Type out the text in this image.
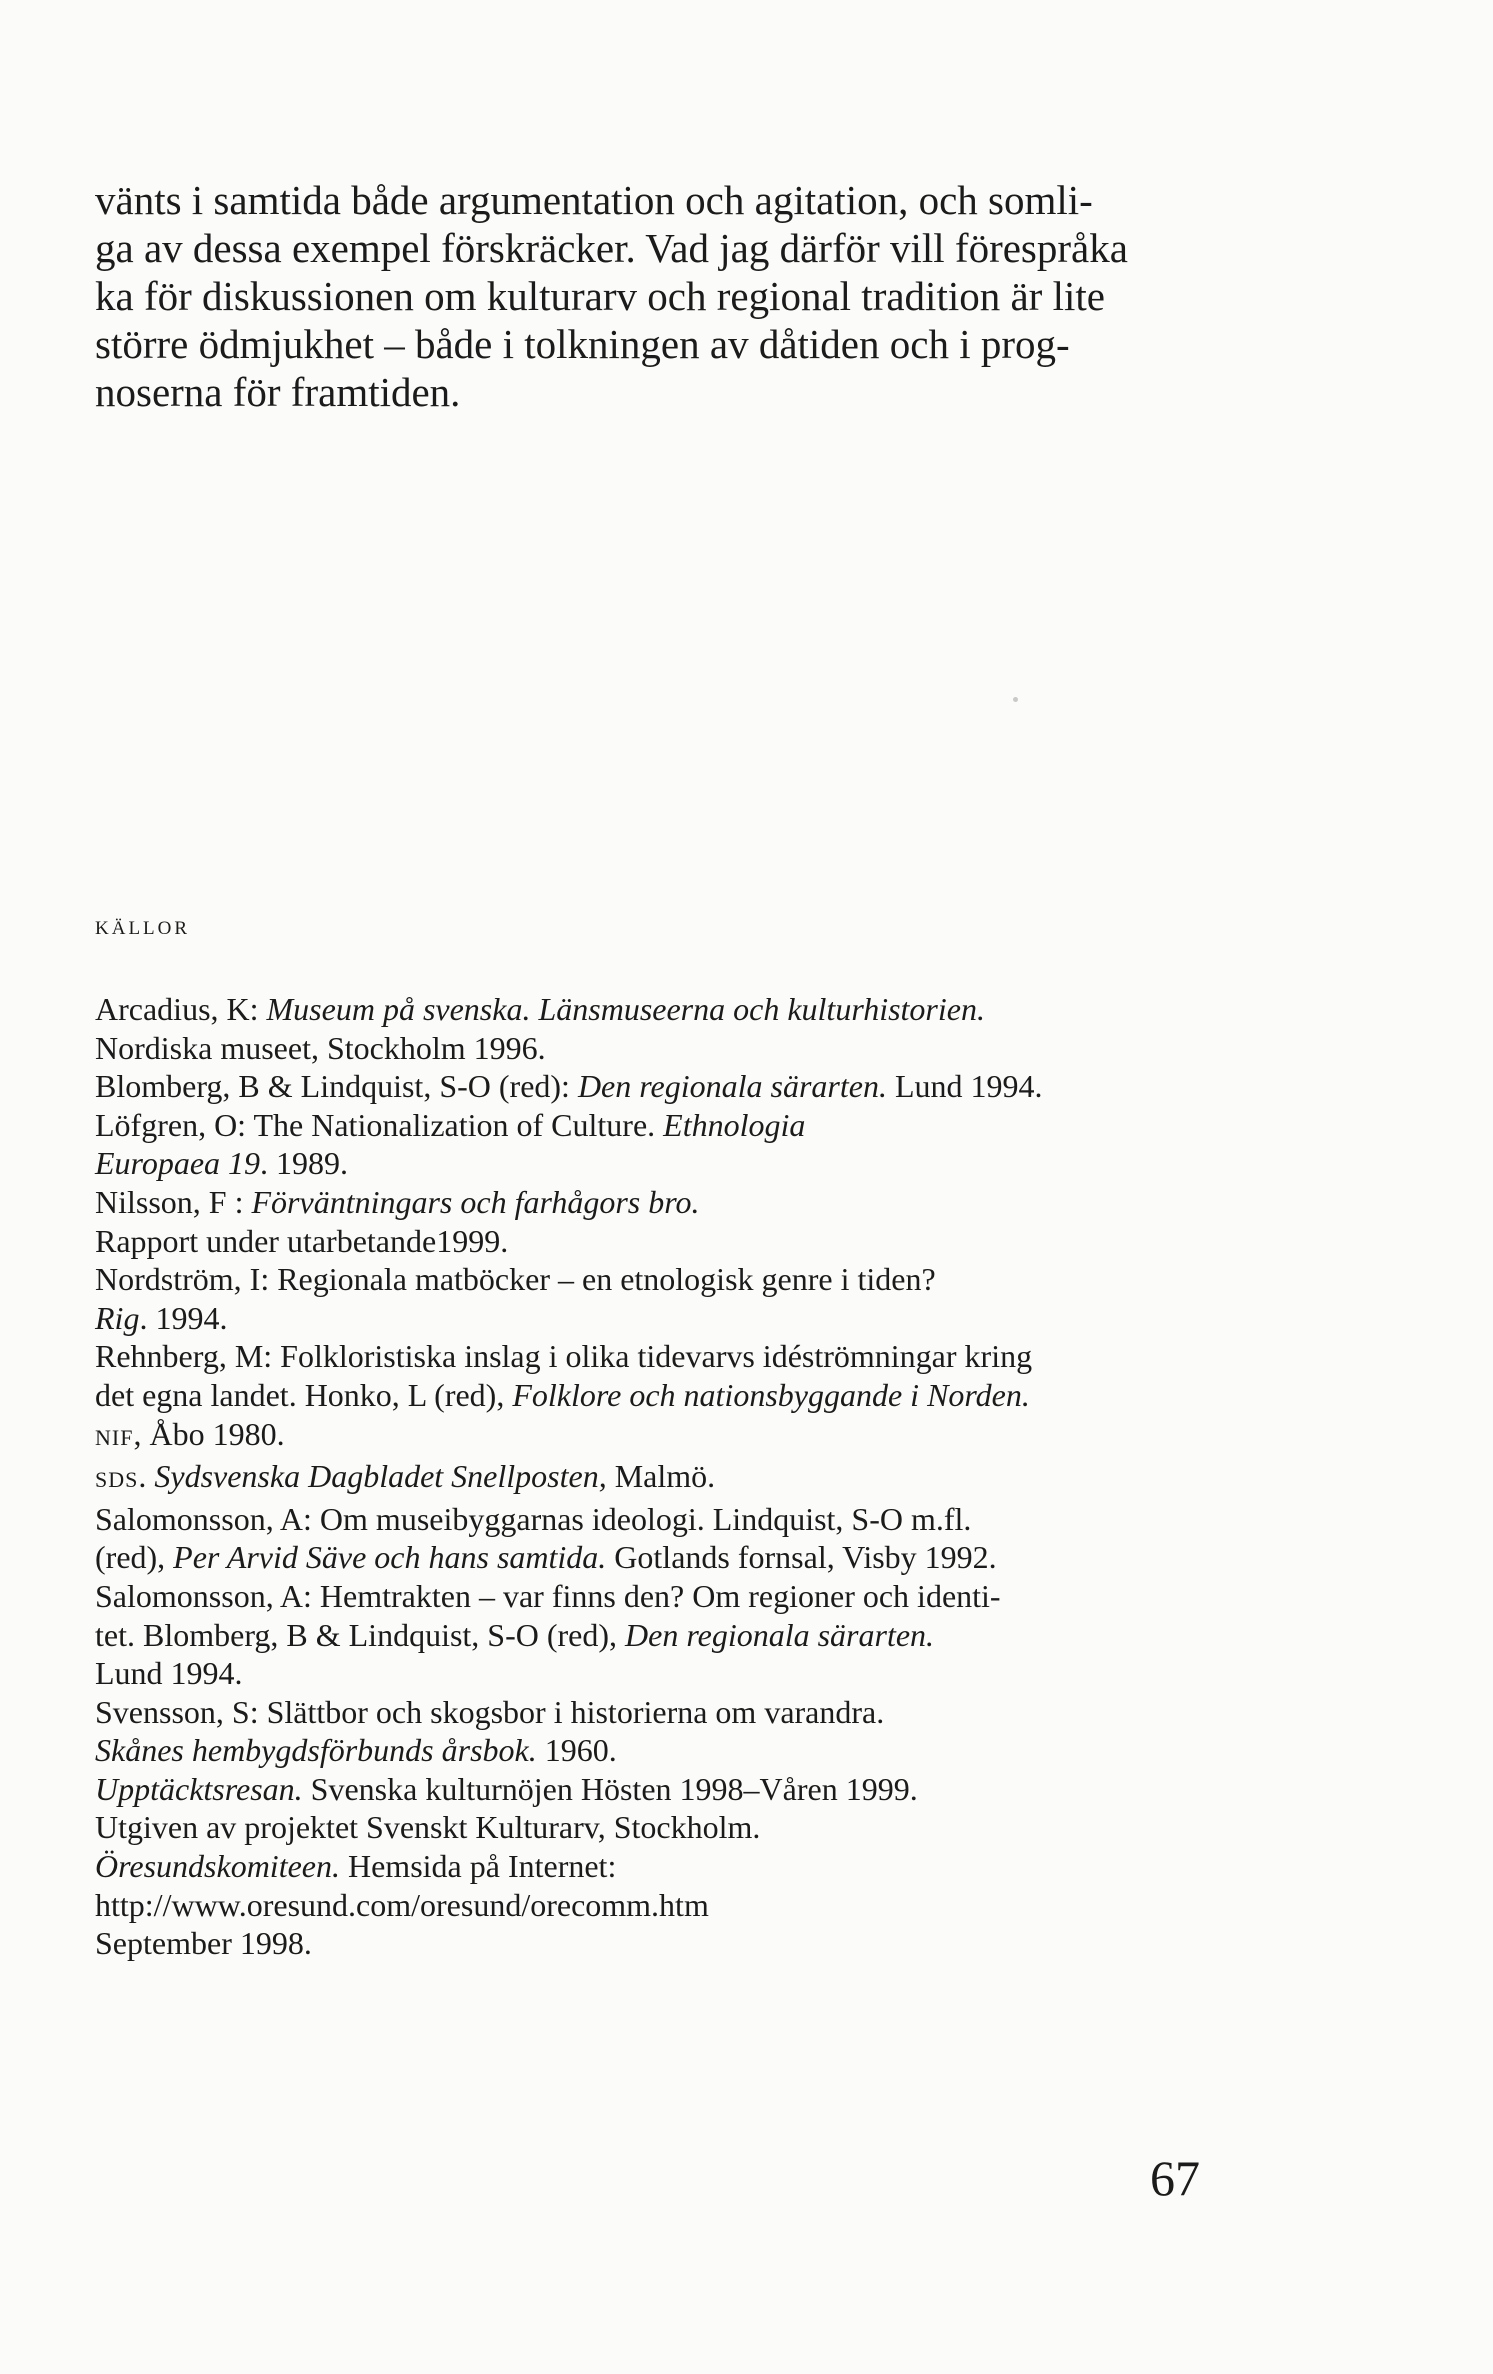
vänts i samtida både argumentation och agitation, och somli-
ga av dessa exempel förskräcker. Vad jag därför vill förespråka
ka för diskussionen om kulturarv och regional tradition är lite
större ödmjukhet – både i tolkningen av dåtiden och i prog-
noserna för framtiden.

KÄLLOR
Arcadius, K: Museum på svenska. Länsmuseerna och kulturhistorien.
Nordiska museet, Stockholm 1996.
Blomberg, B & Lindquist, S-O (red): Den regionala särarten. Lund 1994.
Löfgren, O: The Nationalization of Culture. Ethnologia
Europaea 19. 1989.
Nilsson, F : Förväntningars och farhågors bro.
Rapport under utarbetande1999.
Nordström, I: Regionala matböcker – en etnologisk genre i tiden?
Rig. 1994.
Rehnberg, M: Folkloristiska inslag i olika tidevarvs idéströmningar kring
det egna landet. Honko, L (red), Folklore och nationsbyggande i Norden.
NIF, Åbo 1980.
SDS. Sydsvenska Dagbladet Snellposten, Malmö.
Salomonsson, A: Om museibyggarnas ideologi. Lindquist, S-O m.fl.
(red), Per Arvid Säve och hans samtida. Gotlands fornsal, Visby 1992.
Salomonsson, A: Hemtrakten – var finns den? Om regioner och identi-
tet. Blomberg, B & Lindquist, S-O (red), Den regionala särarten.
Lund 1994.
Svensson, S: Slättbor och skogsbor i historierna om varandra.
Skånes hembygdsförbunds årsbok. 1960.
Upptäcktsresan. Svenska kulturnöjen Hösten 1998–Våren 1999.
Utgiven av projektet Svenskt Kulturarv, Stockholm.
Öresundskomiteen. Hemsida på Internet:
http://www.oresund.com/oresund/orecomm.htm
September 1998.

67
